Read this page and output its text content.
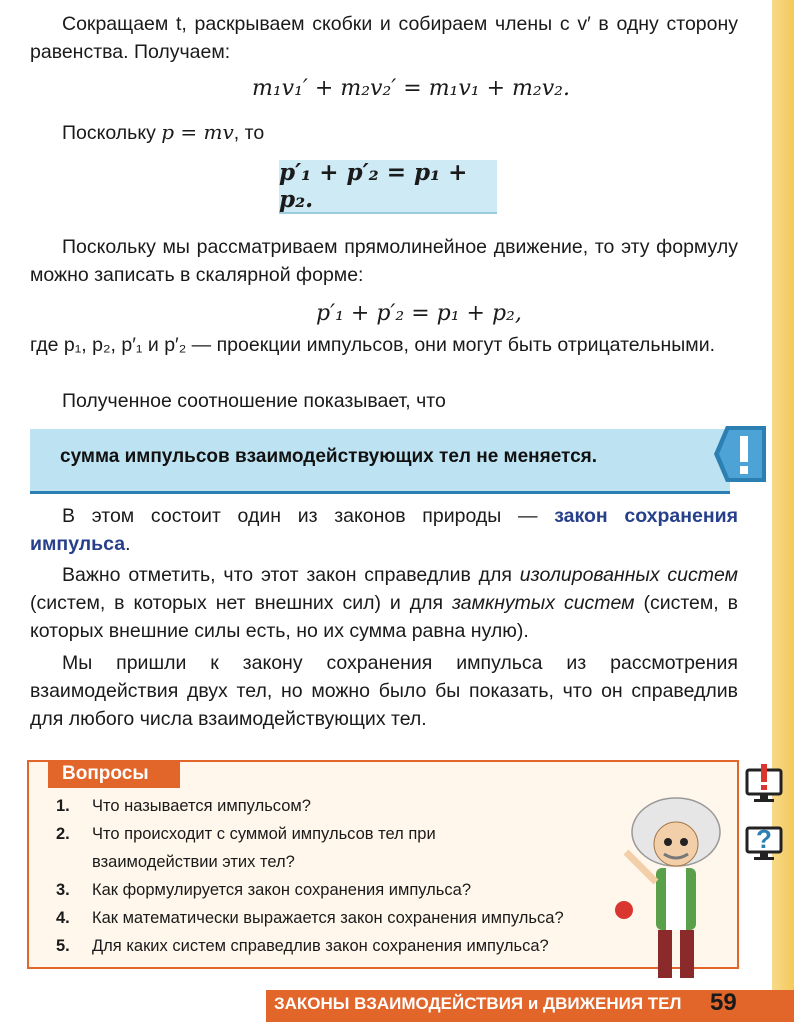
Сокращаем t, раскрываем скобки и собираем члены с v′ в одну сторону равенства. Получаем:

m₁v₁′ + m₂v₂′ = m₁v₁ + m₂v₂.

Поскольку p = mv, то

p′₁ + p′₂ = p₁ + p₂.

Поскольку мы рассматриваем прямолинейное движение, то эту формулу можно записать в скалярной форме:

p′₁ + p′₂ = p₁ + p₂,

где p₁, p₂, p′₁ и p′₂ — проекции импульсов, они могут быть отрицательными.

Полученное соотношение показывает, что

сумма импульсов взаимодействующих тел не меняется.

В этом состоит один из законов природы — закон сохранения импульса.

Важно отметить, что этот закон справедлив для изолированных систем (систем, в которых нет внешних сил) и для замкнутых систем (систем, в которых внешние силы есть, но их сумма равна нулю).

Мы пришли к закону сохранения импульса из рассмотрения взаимодействия двух тел, но можно было бы показать, что он справедлив для любого числа взаимодействующих тел.

Вопросы
1.	Что называется импульсом?
2.	Что происходит с суммой импульсов тел при взаимодействии этих тел?
3.	Как формулируется закон сохранения импульса?
4.	Как математически выражается закон сохранения импульса?
5.	Для каких систем справедлив закон сохранения импульса?
?
ЗАКОНЫ ВЗАИМОДЕЙСТВИЯ и ДВИЖЕНИЯ ТЕЛ 59
